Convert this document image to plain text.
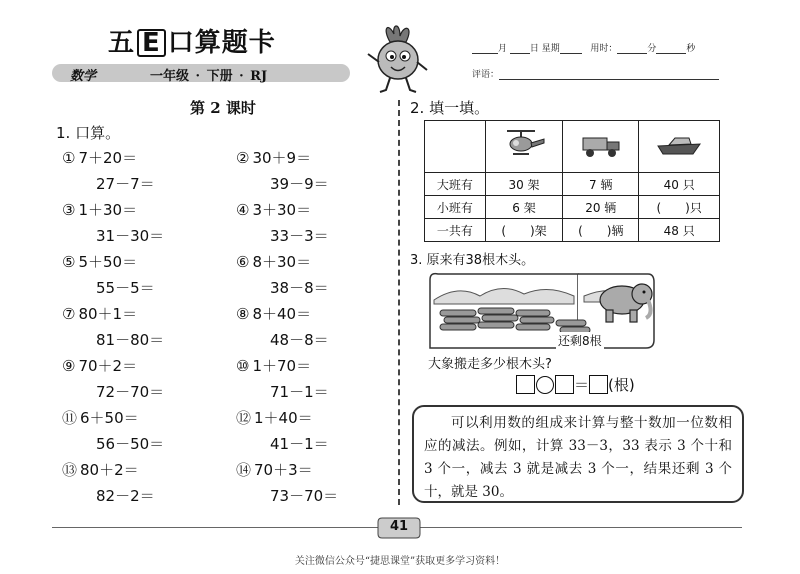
五 E 口算题卡
数学	一年级 · 下册 · RJ
月	日 星期	用时：	分	秒
评语：
第 2 课时
1. 口算。
① 7＋20＝
27－7＝
② 30＋9＝
39－9＝
③ 1＋30＝
31－30＝
④ 3＋30＝
33－3＝
⑤ 5＋50＝
55－5＝
⑥ 8＋30＝
38－8＝
⑦ 80＋1＝
81－80＝
⑧ 8＋40＝
48－8＝
⑨ 70＋2＝
72－70＝
⑩ 1＋70＝
71－1＝
⑪ 6＋50＝
56－50＝
⑫ 1＋40＝
41－1＝
⑬ 80＋2＝
82－2＝
⑭ 70＋3＝
73－70＝
2. 填一填。

大班有	30 架	7 辆	40 只
小班有	6 架	20 辆	(　　)只
一共有	(　　)架	(　　)辆	48 只
3. 原来有38根木头。
还剩8根
大象搬走多少根木头?
＝ (根)

可以利用数的组成来计算与整十数加一位数相应的减法。例如，计算 33－3，33 表示 3 个十和 3 个一，减去 3 就是减去 3 个一，结果还剩 3 个十，就是 30。

41
关注微信公众号“捷思课堂”获取更多学习资料！
